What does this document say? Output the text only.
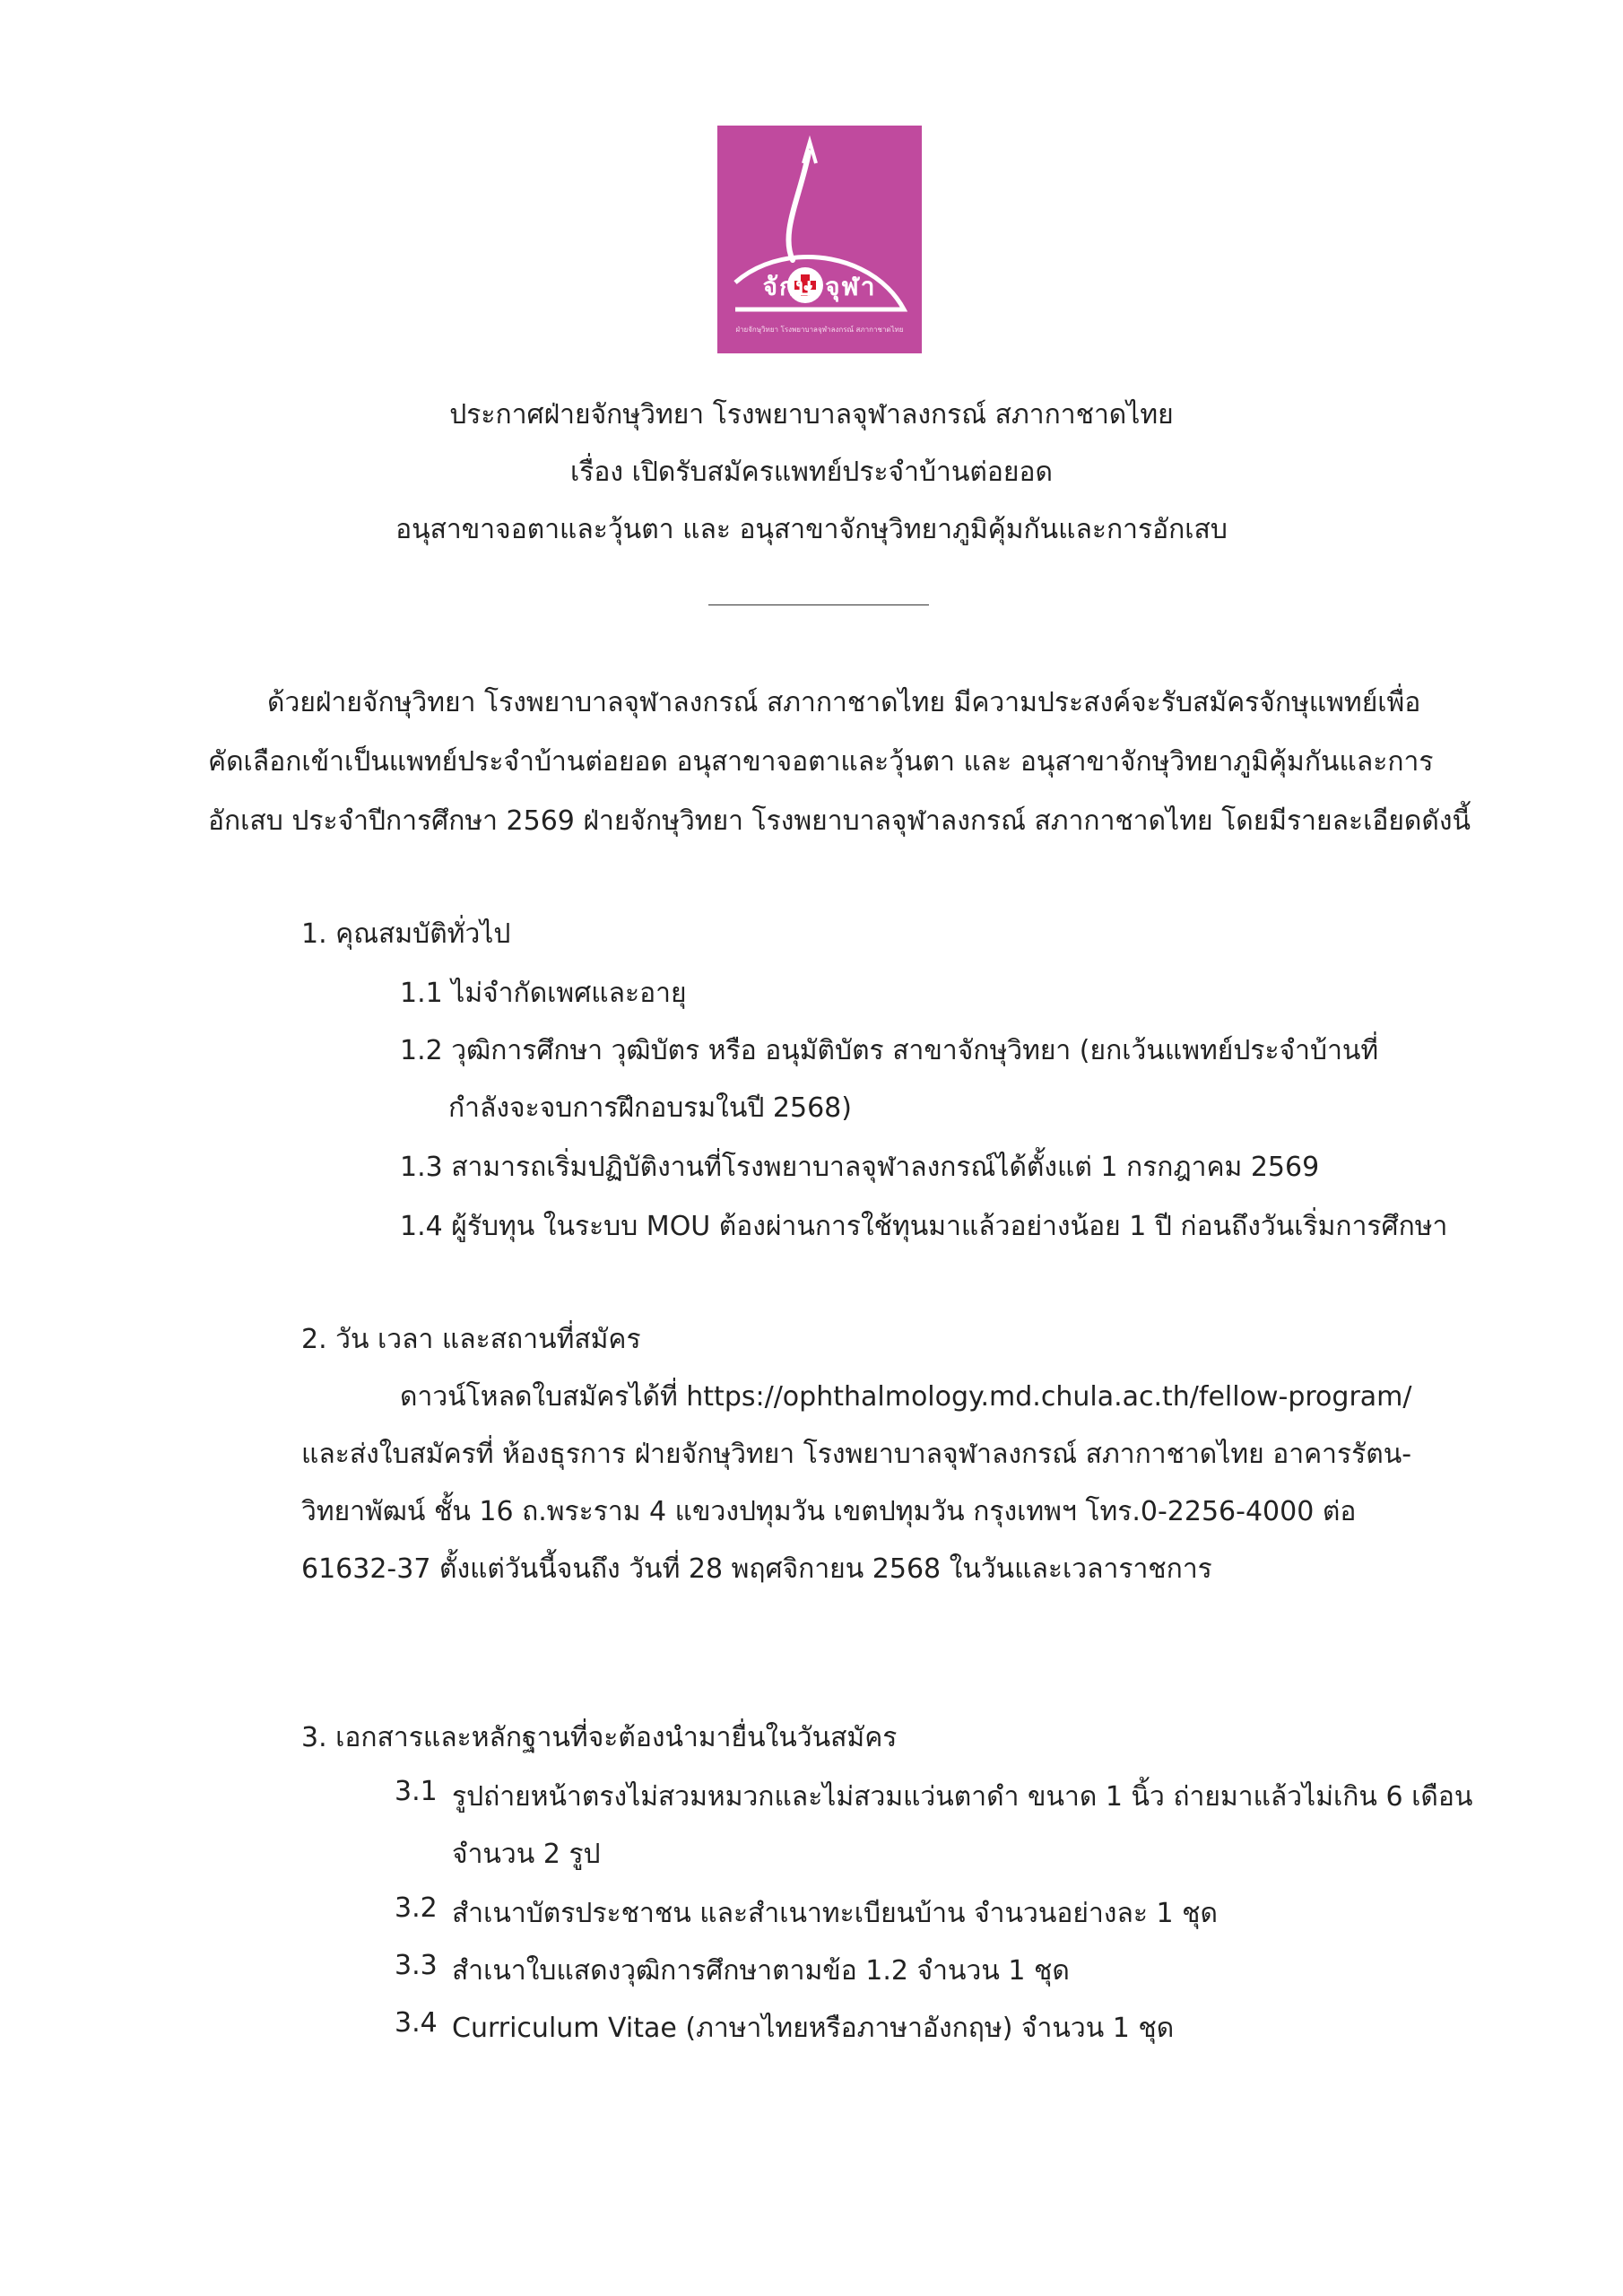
จักษุ จุฬา
ฝ่ายจักษุวิทยา โรงพยาบาลจุฬาลงกรณ์ สภากาชาดไทย
ประกาศฝ่ายจักษุวิทยา โรงพยาบาลจุฬาลงกรณ์ สภากาชาดไทย
เรื่อง เปิดรับสมัครแพทย์ประจำบ้านต่อยอด
อนุสาขาจอตาและวุ้นตา และ อนุสาขาจักษุวิทยาภูมิคุ้มกันและการอักเสบ
ด้วยฝ่ายจักษุวิทยา โรงพยาบาลจุฬาลงกรณ์ สภากาชาดไทย มีความประสงค์จะรับสมัครจักษุแพทย์เพื่อ
คัดเลือกเข้าเป็นแพทย์ประจำบ้านต่อยอด อนุสาขาจอตาและวุ้นตา และ อนุสาขาจักษุวิทยาภูมิคุ้มกันและการ
อักเสบ ประจำปีการศึกษา 2569 ฝ่ายจักษุวิทยา โรงพยาบาลจุฬาลงกรณ์ สภากาชาดไทย โดยมีรายละเอียดดังนี้
1. คุณสมบัติทั่วไป
1.1 ไม่จำกัดเพศและอายุ
1.2 วุฒิการศึกษา วุฒิบัตร หรือ อนุมัติบัตร สาขาจักษุวิทยา (ยกเว้นแพทย์ประจำบ้านที่
กำลังจะจบการฝึกอบรมในปี 2568)
1.3 สามารถเริ่มปฏิบัติงานที่โรงพยาบาลจุฬาลงกรณ์ได้ตั้งแต่ 1 กรกฎาคม 2569
1.4 ผู้รับทุน ในระบบ MOU ต้องผ่านการใช้ทุนมาแล้วอย่างน้อย 1 ปี ก่อนถึงวันเริ่มการศึกษา
2. วัน เวลา และสถานที่สมัคร
ดาวน์โหลดใบสมัครได้ที่ https://ophthalmology.md.chula.ac.th/fellow-program/
และส่งใบสมัครที่ ห้องธุรการ ฝ่ายจักษุวิทยา โรงพยาบาลจุฬาลงกรณ์ สภากาชาดไทย อาคารรัตน-
วิทยาพัฒน์ ชั้น 16 ถ.พระราม 4 แขวงปทุมวัน เขตปทุมวัน กรุงเทพฯ โทร.0-2256-4000 ต่อ
61632-37 ตั้งแต่วันนี้จนถึง วันที่ 28 พฤศจิกายน 2568 ในวันและเวลาราชการ
3. เอกสารและหลักฐานที่จะต้องนำมายื่นในวันสมัคร
3.1 รูปถ่ายหน้าตรงไม่สวมหมวกและไม่สวมแว่นตาดำ ขนาด 1 นิ้ว ถ่ายมาแล้วไม่เกิน 6 เดือน
จำนวน 2 รูป
3.2 สำเนาบัตรประชาชน และสำเนาทะเบียนบ้าน จำนวนอย่างละ 1 ชุด
3.3 สำเนาใบแสดงวุฒิการศึกษาตามข้อ 1.2 จำนวน 1 ชุด
3.4 Curriculum Vitae (ภาษาไทยหรือภาษาอังกฤษ) จำนวน 1 ชุด
